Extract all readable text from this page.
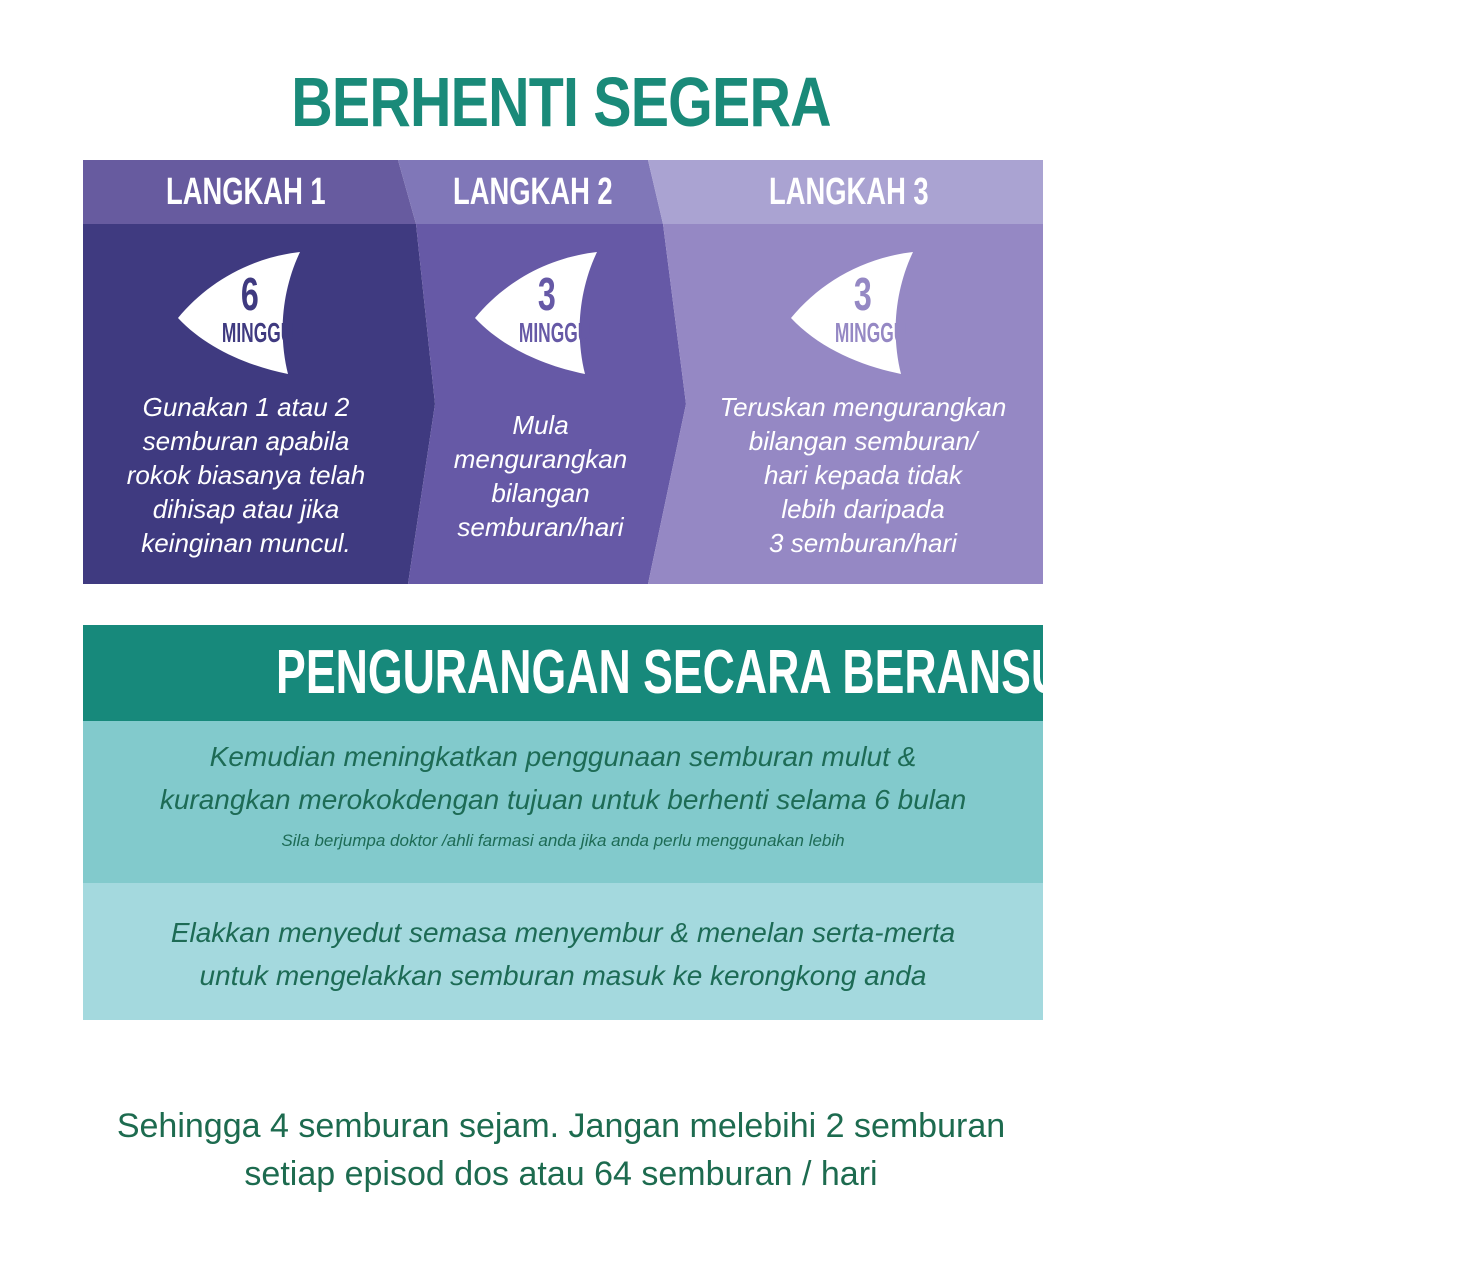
BERHENTI SEGERA
LANGKAH 1	LANGKAH 2	LANGKAH 3
6
MINGGU
3
MINGGU
3
MINGGU
Gunakan 1 atau 2
semburan apabila
rokok biasanya telah
dihisap atau jika
keinginan muncul.
Mula
mengurangkan
bilangan
semburan/hari
Teruskan mengurangkan
bilangan semburan/
hari kepada tidak
lebih daripada
3 semburan/hari
PENGURANGAN SECARA BERANSUR-ANSUR
Kemudian meningkatkan penggunaan semburan mulut &
kurangkan merokokdengan tujuan untuk berhenti selama 6 bulan
Sila berjumpa doktor /ahli farmasi anda jika anda perlu menggunakan lebih
Elakkan menyedut semasa menyembur & menelan serta-merta
untuk mengelakkan semburan masuk ke kerongkong anda
Sehingga 4 semburan sejam. Jangan melebihi 2 semburan
setiap episod dos atau 64 semburan / hari
